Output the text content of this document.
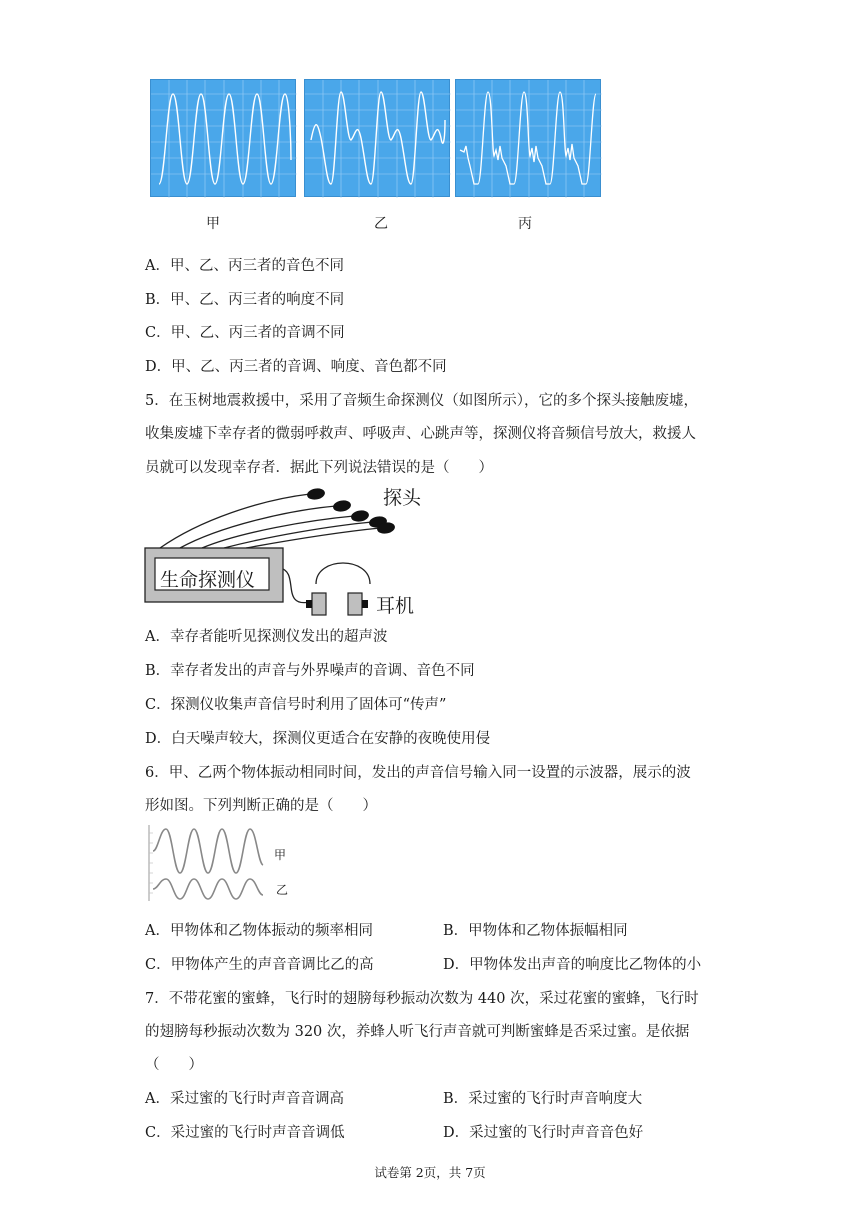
甲	乙	丙
A．甲、乙、丙三者的音色不同
B．甲、乙、丙三者的响度不同
C．甲、乙、丙三者的音调不同
D．甲、乙、丙三者的音调、响度、音色都不同
5．在玉树地震救援中，采用了音频生命探测仪（如图所示），它的多个探头接触废墟，
收集废墟下幸存者的微弱呼救声、呼吸声、心跳声等，探测仪将音频信号放大，救援人
员就可以发现幸存者．据此下列说法错误的是（　　）
生命探测仪
探头
耳机
A．幸存者能听见探测仪发出的超声波
B．幸存者发出的声音与外界噪声的音调、音色不同
C．探测仪收集声音信号时利用了固体可“传声”
D．白天噪声较大，探测仪更适合在安静的夜晚使用侵
6．甲、乙两个物体振动相同时间，发出的声音信号输入同一设置的示波器，展示的波
形如图。下列判断正确的是（　　）
甲
乙
A．甲物体和乙物体振动的频率相同	B．甲物体和乙物体振幅相同
C．甲物体产生的声音音调比乙的高	D．甲物体发出声音的响度比乙物体的小
7．不带花蜜的蜜蜂，飞行时的翅膀每秒振动次数为 440 次，采过花蜜的蜜蜂，飞行时
的翅膀每秒振动次数为 320 次，养蜂人听飞行声音就可判断蜜蜂是否采过蜜。是依据
（　　）
A．采过蜜的飞行时声音音调高	B．采过蜜的飞行时声音响度大
C．采过蜜的飞行时声音音调低	D．采过蜜的飞行时声音音色好
试卷第 2页，共 7页
